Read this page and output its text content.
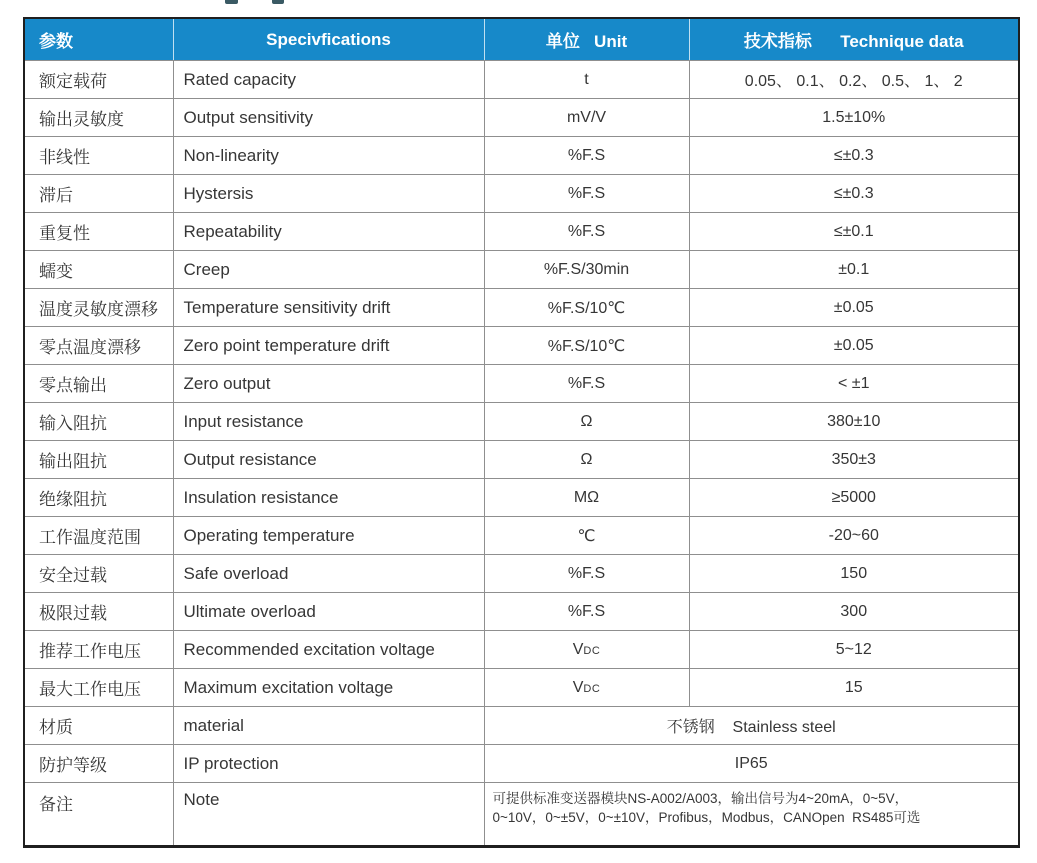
参数	Specivfications	单位   Unit	技术指标      Technique data
额定载荷	Rated capacity	t	0.05、 0.1、 0.2、 0.5、 1、 2
输出灵敏度	Output sensitivity	mV/V	1.5±10%
非线性	Non-linearity	%F.S	≤±0.3
滞后	Hystersis	%F.S	≤±0.3
重复性	Repeatability	%F.S	≤±0.1
蠕变	Creep	%F.S/30min	±0.1
温度灵敏度漂移	Temperature sensitivity drift	%F.S/10℃	±0.05
零点温度漂移	Zero point temperature drift	%F.S/10℃	±0.05
零点输出	Zero output	%F.S	< ±1
输入阻抗	Input resistance	Ω	380±10
输出阻抗	Output resistance	Ω	350±3
绝缘阻抗	Insulation resistance	MΩ	≥5000
工作温度范围	Operating temperature	℃	-20~60
安全过载	Safe overload	%F.S	150
极限过载	Ultimate overload	%F.S	300
推荐工作电压	Recommended excitation voltage	VDC	5~12
最大工作电压	Maximum excitation voltage	VDC	15
材质	material	不锈钢    Stainless steel	
防护等级	IP protection	IP65	
备注	Note	可提供标准变送器模块NS-A002/A003，输出信号为4~20mA，0~5V，
0~10V，0~±5V，0~±10V，Profibus，Modbus，CANOpen  RS485可选	
